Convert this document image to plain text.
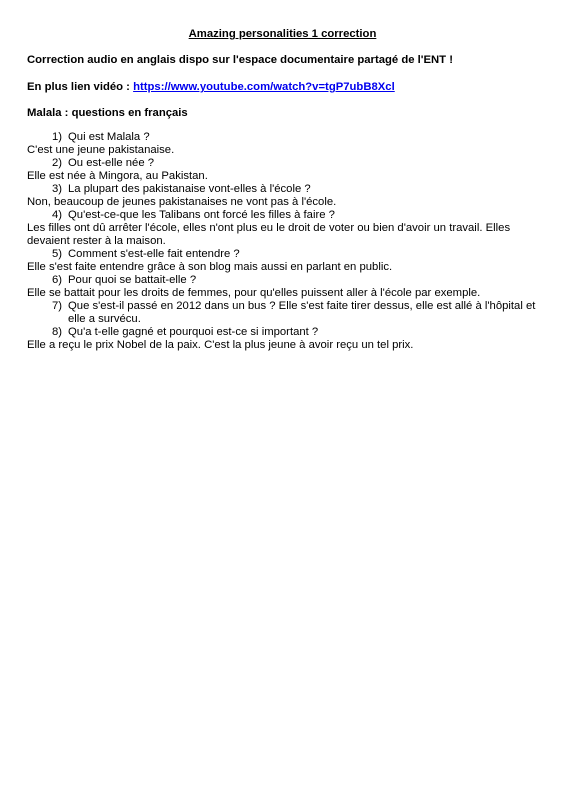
Amazing personalities 1 correction
Correction audio en anglais dispo sur l'espace documentaire partagé de l'ENT !
En plus lien vidéo : https://www.youtube.com/watch?v=tgP7ubB8Xcl
Malala : questions en français
1) Qui est Malala ?
C'est une jeune pakistanaise.
2) Ou est-elle née ?
Elle est née à Mingora, au Pakistan.
3) La plupart des pakistanaise vont-elles à l'école ?
Non, beaucoup de jeunes pakistanaises ne vont pas à l'école.
4) Qu'est-ce-que les Talibans ont forcé les filles à faire ?
Les filles ont dû arrêter l'école, elles n'ont plus eu le droit de voter ou bien d'avoir un travail. Elles devaient rester à la maison.
5) Comment s'est-elle fait entendre ?
Elle s'est faite entendre grâce à son blog mais aussi en parlant en public.
6) Pour quoi se battait-elle ?
Elle se battait pour les droits de femmes, pour qu'elles puissent aller à l'école par exemple.
7) Que s'est-il passé en 2012 dans un bus ? Elle s'est faite tirer dessus, elle est allé à l'hôpital et elle a survécu.
8) Qu'a t-elle gagné et pourquoi est-ce si important ?
Elle a reçu le prix Nobel de la paix. C'est la plus jeune à avoir reçu un tel prix.
